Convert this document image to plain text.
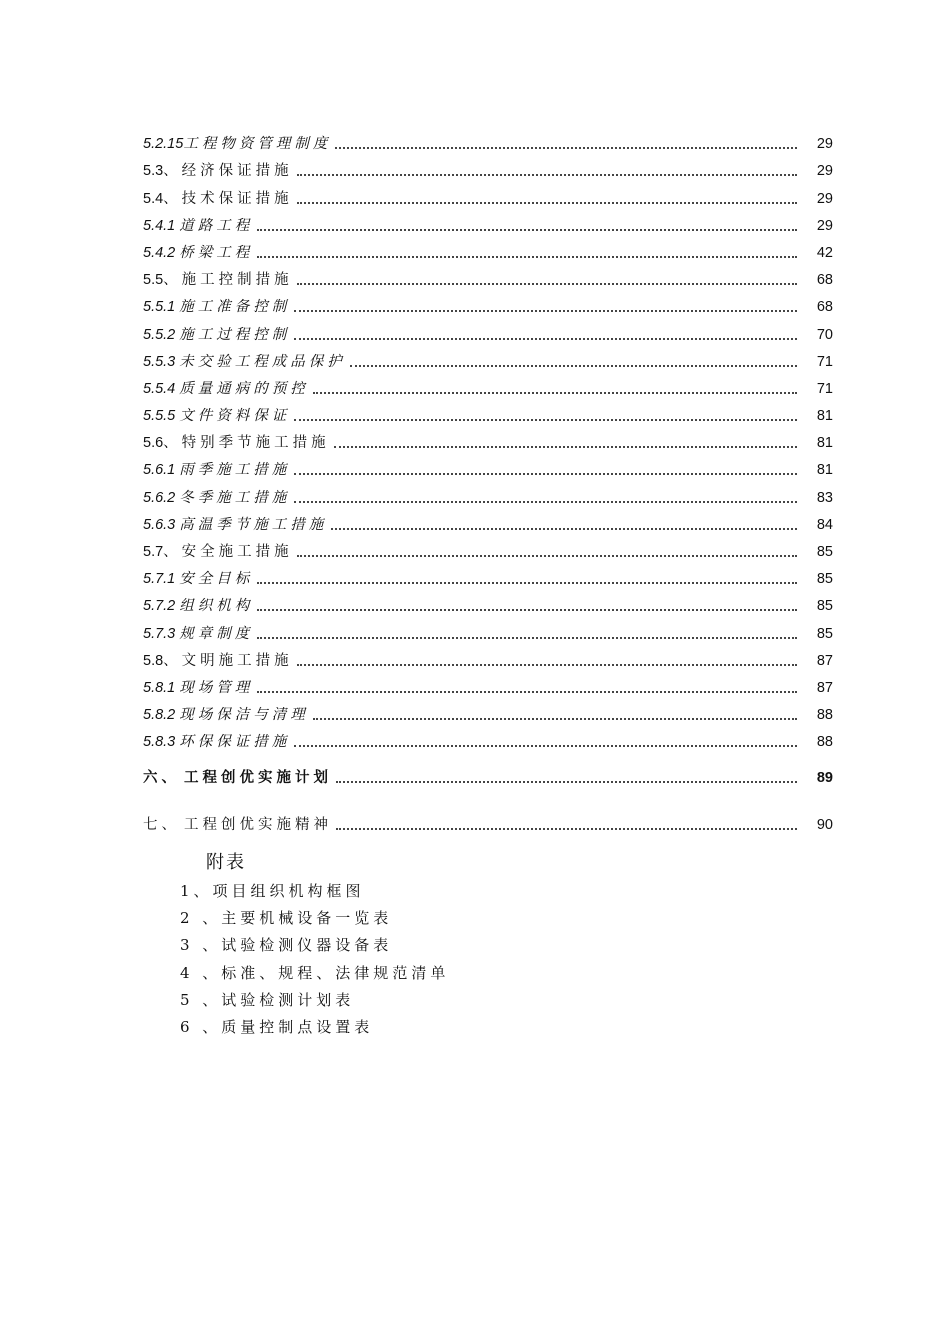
5.2.15 工程物资管理制度	29
5.3、 经济保证措施	29
5.4、 技术保证措施	29
5.4.1 道路工程	29
5.4.2 桥梁工程	42
5.5、 施工控制措施	68
5.5.1 施工准备控制	68
5.5.2 施工过程控制	70
5.5.3 未交验工程成品保护	71
5.5.4 质量通病的预控	71
5.5.5 文件资料保证	81
5.6、 特别季节施工措施	81
5.6.1 雨季施工措施	81
5.6.2 冬季施工措施	83
5.6.3 高温季节施工措施	84
5.7、 安全施工措施	85
5.7.1 安全目标	85
5.7.2 组织机构	85
5.7.3 规章制度	85
5.8、 文明施工措施	87
5.8.1 现场管理	87
5.8.2 现场保洁与清理	88
5.8.3 环保保证措施	88
六、 工程创优实施计划	89
七、 工程创优实施精神	90
附表
1、项目组织机构框图
2 、主要机械设备一览表
3 、试验检测仪器设备表
4 、标准、规程、法律规范清单
5 、试验检测计划表
6 、质量控制点设置表
